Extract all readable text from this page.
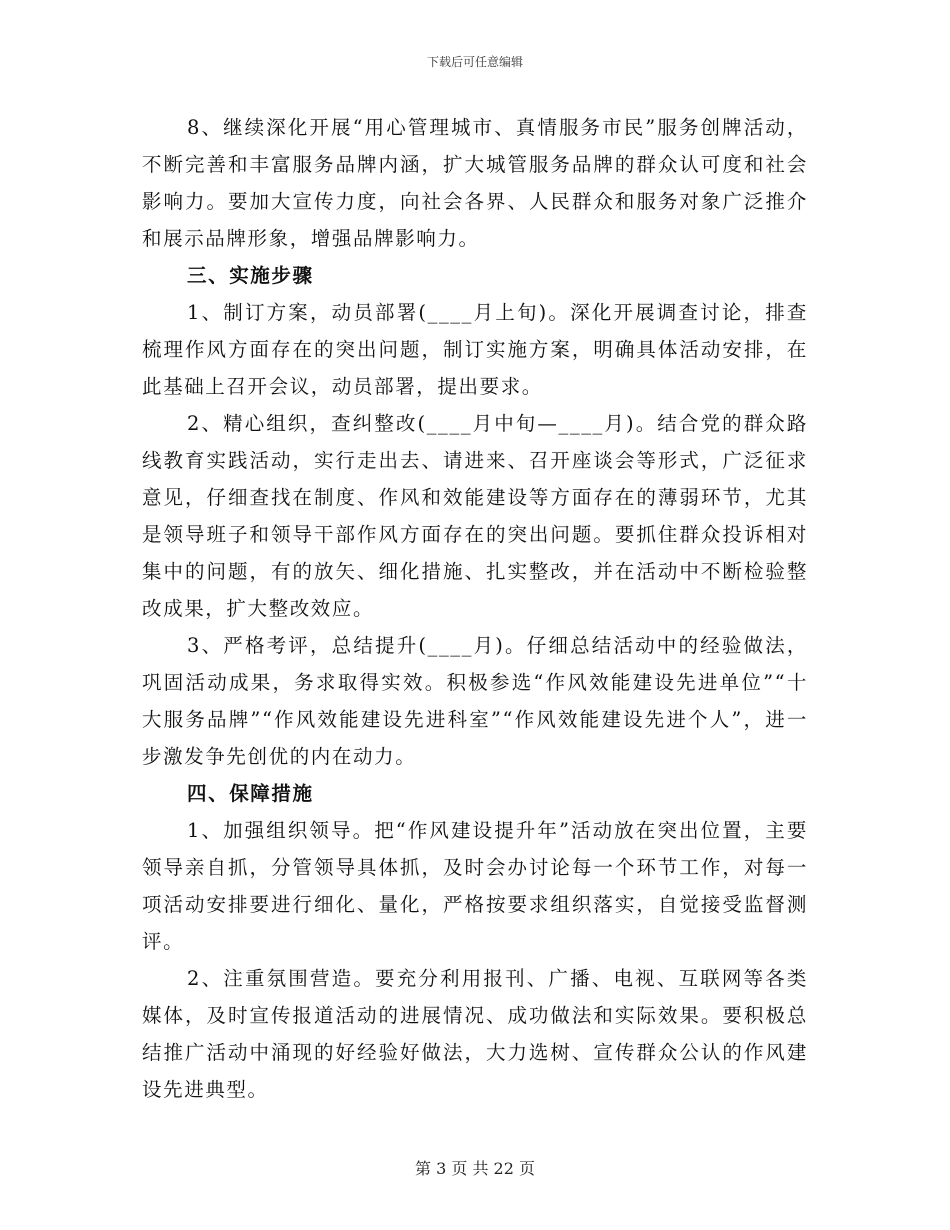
下载后可任意编辑

8、继续深化开展“用心管理城市、真情服务市民”服务创牌活动，不断完善和丰富服务品牌内涵，扩大城管服务品牌的群众认可度和社会影响力。要加大宣传力度，向社会各界、人民群众和服务对象广泛推介和展示品牌形象，增强品牌影响力。

三、实施步骤

1、制订方案，动员部署(____月上旬)。深化开展调查讨论，排查梳理作风方面存在的突出问题，制订实施方案，明确具体活动安排，在此基础上召开会议，动员部署，提出要求。

2、精心组织，查纠整改(____月中旬—____月)。结合党的群众路线教育实践活动，实行走出去、请进来、召开座谈会等形式，广泛征求意见，仔细查找在制度、作风和效能建设等方面存在的薄弱环节，尤其是领导班子和领导干部作风方面存在的突出问题。要抓住群众投诉相对集中的问题，有的放矢、细化措施、扎实整改，并在活动中不断检验整改成果，扩大整改效应。

3、严格考评，总结提升(____月)。仔细总结活动中的经验做法，巩固活动成果，务求取得实效。积极参选“作风效能建设先进单位”“十大服务品牌”“作风效能建设先进科室”“作风效能建设先进个人”，进一步激发争先创优的内在动力。

四、保障措施

1、加强组织领导。把“作风建设提升年”活动放在突出位置，主要领导亲自抓，分管领导具体抓，及时会办讨论每一个环节工作，对每一项活动安排要进行细化、量化，严格按要求组织落实，自觉接受监督测评。

2、注重氛围营造。要充分利用报刊、广播、电视、互联网等各类媒体，及时宣传报道活动的进展情况、成功做法和实际效果。要积极总结推广活动中涌现的好经验好做法，大力选树、宣传群众公认的作风建设先进典型。

第 3 页 共 22 页
